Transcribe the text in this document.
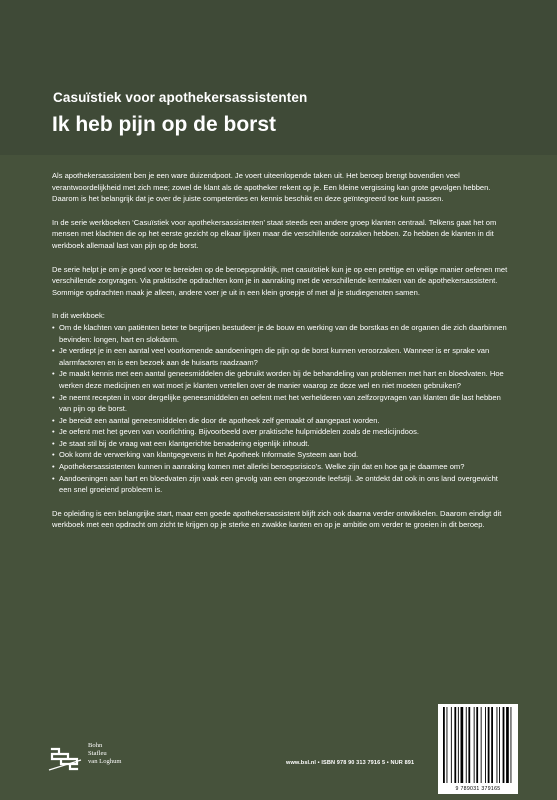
Casuïstiek voor apothekersassistenten
Ik heb pijn op de borst

Als apothekersassistent ben je een ware duizendpoot. Je voert uiteenlopende taken uit. Het beroep brengt bovendien veel verantwoordelijkheid met zich mee; zowel de klant als de apotheker rekent op je. Een kleine vergissing kan grote gevolgen hebben. Daarom is het belangrijk dat je over de juiste competenties en kennis beschikt en deze geïntegreerd toe kunt passen.

In de serie werkboeken ‘Casuïstiek voor apothekersassistenten’ staat steeds een andere groep klanten centraal. Telkens gaat het om mensen met klachten die op het eerste gezicht op elkaar lijken maar die verschillende oorzaken hebben. Zo hebben de klanten in dit werkboek allemaal last van pijn op de borst.

De serie helpt je om je goed voor te bereiden op de beroepspraktijk, met casuïstiek kun je op een prettige en veilige manier oefenen met verschillende zorgvragen. Via praktische opdrachten kom je in aanraking met de verschillende kerntaken van de apothekersassistent. Sommige opdrachten maak je alleen, andere voer je uit in een klein groepje of met al je studiegenoten samen.

In dit werkboek:

• Om de klachten van patiënten beter te begrijpen bestudeer je de bouw en werking van de borstkas en de organen die zich daarbinnen bevinden: longen, hart en slokdarm.
• Je verdiept je in een aantal veel voorkomende aandoeningen die pijn op de borst kunnen veroorzaken. Wanneer is er sprake van alarmfactoren en is een bezoek aan de huisarts raadzaam?
• Je maakt kennis met een aantal geneesmiddelen die gebruikt worden bij de behandeling van problemen met hart en bloedvaten. Hoe werken deze medicijnen en wat moet je klanten vertellen over de manier waarop ze deze wel en niet moeten gebruiken?
• Je neemt recepten in voor dergelijke geneesmiddelen en oefent met het verhelderen van zelfzorgvragen van klanten die last hebben van pijn op de borst.
• Je bereidt een aantal geneesmiddelen die door de apotheek zelf gemaakt of aangepast worden.
• Je oefent met het geven van voorlichting. Bijvoorbeeld over praktische hulpmiddelen zoals de medicijndoos.
• Je staat stil bij de vraag wat een klantgerichte benadering eigenlijk inhoudt.
• Ook komt de verwerking van klantgegevens in het Apotheek Informatie Systeem aan bod.
• Apothekersassistenten kunnen in aanraking komen met allerlei beroepsrisico’s. Welke zijn dat en hoe ga je daarmee om?
• Aandoeningen aan hart en bloedvaten zijn vaak een gevolg van een ongezonde leefstijl. Je ontdekt dat ook in ons land overgewicht een snel groeiend probleem is.

De opleiding is een belangrijke start, maar een goede apothekersassistent blijft zich ook daarna verder ontwikkelen. Daarom eindigt dit werkboek met een opdracht om zicht te krijgen op je sterke en zwakke kanten en op je ambitie om verder te groeien in dit beroep.

Bohn
Stafleu
van Loghum	www.bsl.nl • ISBN 978 90 313 7916 5 • NUR 891
9 789031 379165
